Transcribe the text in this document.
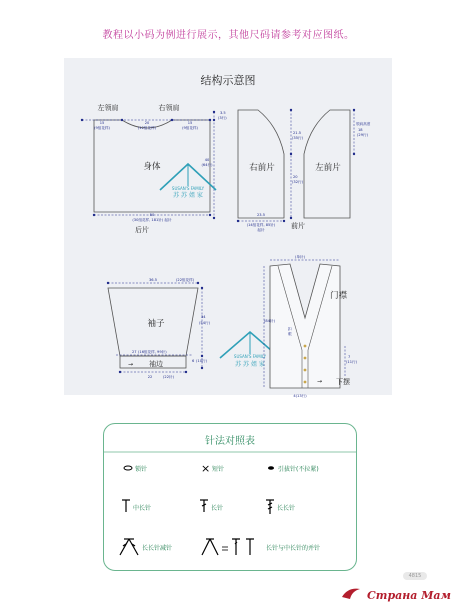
教程以小码为例进行展示，其他尺码请参考对应图纸。
结构示意图
左领肩	右领肩
15
(9组花样)
20
(12组花样)
15
(9组花样)
3.5
(3行)
40
(64行)
身体
50
(30组花样, 181针) 起针
后片
SUSAN'S FAMILY
苏 苏 姐 家
右前片	左前片
21.5
(35行)
20
(32行)
领肩高度
18
(29行)
23.5
(14组花样, 85针)
起针	前片
36.5	(22组花样)
袖子
27 (16组花样, 99针)
→ 袖边
22	(22针)
34
(54行)
6 (10行)
SUSAN'S FAMILY
苏 苏 姐 家
(单针)
(84针)
扣
眼
门襟
7
(11行)
→ 下摆
4(13行)
针法对照表
锁针	× 短针	引拔针(不拉紧)
中长针	长针	长长针
长长针减针	长针与中长针的并针
4815
Страна Мам
